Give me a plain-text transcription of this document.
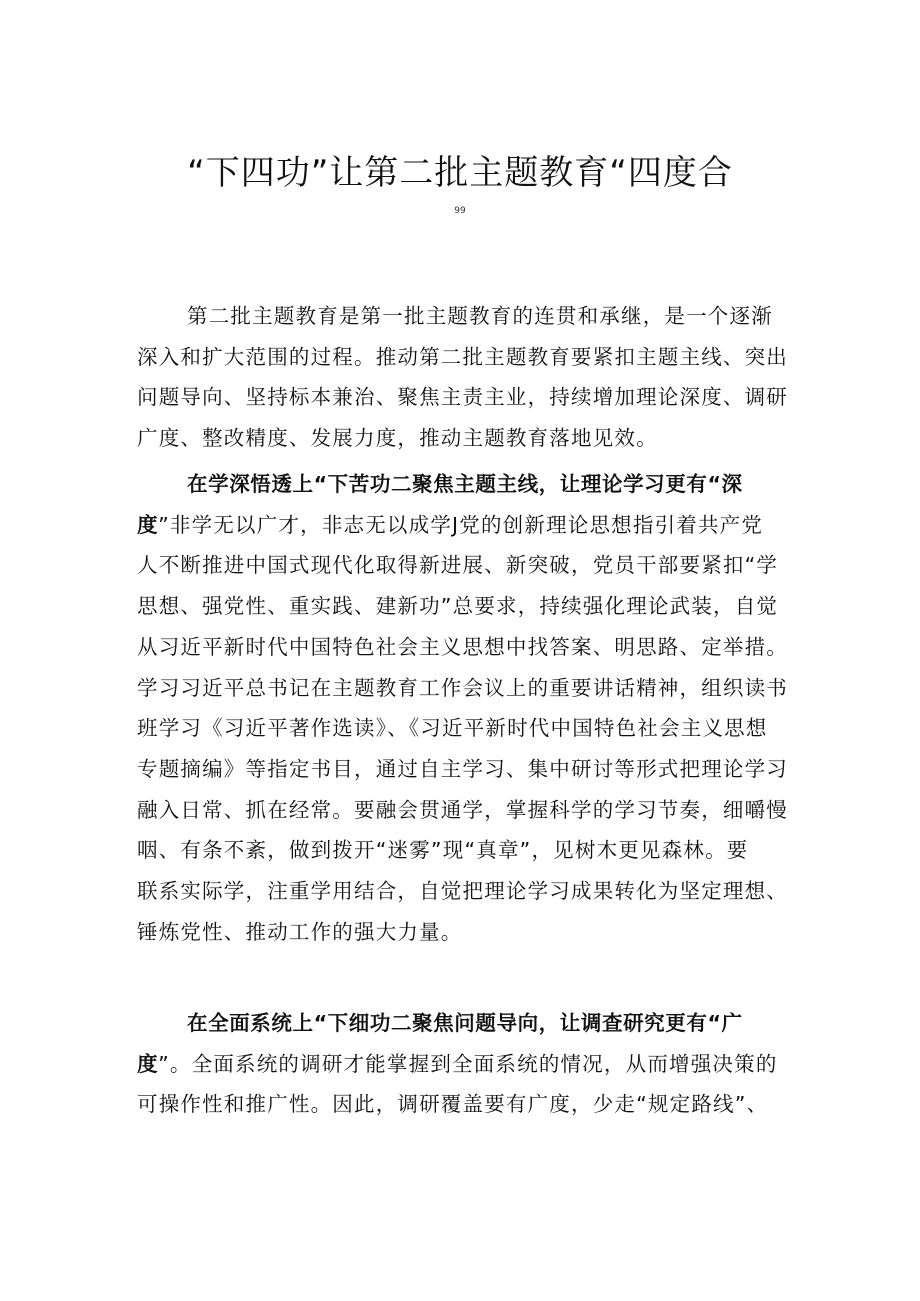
“下四功”让第二批主题教育“四度合
99
第二批主题教育是第一批主题教育的连贯和承继，是一个逐渐
深入和扩大范围的过程。推动第二批主题教育要紧扣主题主线、突出
问题导向、坚持标本兼治、聚焦主责主业，持续增加理论深度、调研
广度、整改精度、发展力度，推动主题教育落地见效。
在学深悟透上“下苦功二聚焦主题主线，让理论学习更有“深
度”非学无以广才，非志无以成学J党的创新理论思想指引着共产党
人不断推进中国式现代化取得新进展、新突破，党员干部要紧扣“学
思想、强党性、重实践、建新功”总要求，持续强化理论武装，自觉
从习近平新时代中国特色社会主义思想中找答案、明思路、定举措。
学习习近平总书记在主题教育工作会议上的重要讲话精神，组织读书
班学习《习近平著作选读》、《习近平新时代中国特色社会主义思想
专题摘编》等指定书目，通过自主学习、集中研讨等形式把理论学习
融入日常、抓在经常。要融会贯通学，掌握科学的学习节奏，细嚼慢
咽、有条不紊，做到拨开“迷雾”现“真章”，见树木更见森林。要
联系实际学，注重学用结合，自觉把理论学习成果转化为坚定理想、
锤炼党性、推动工作的强大力量。
在全面系统上“下细功二聚焦问题导向，让调查研究更有“广
度”。全面系统的调研才能掌握到全面系统的情况，从而增强决策的
可操作性和推广性。因此，调研覆盖要有广度，少走“规定路线”、
